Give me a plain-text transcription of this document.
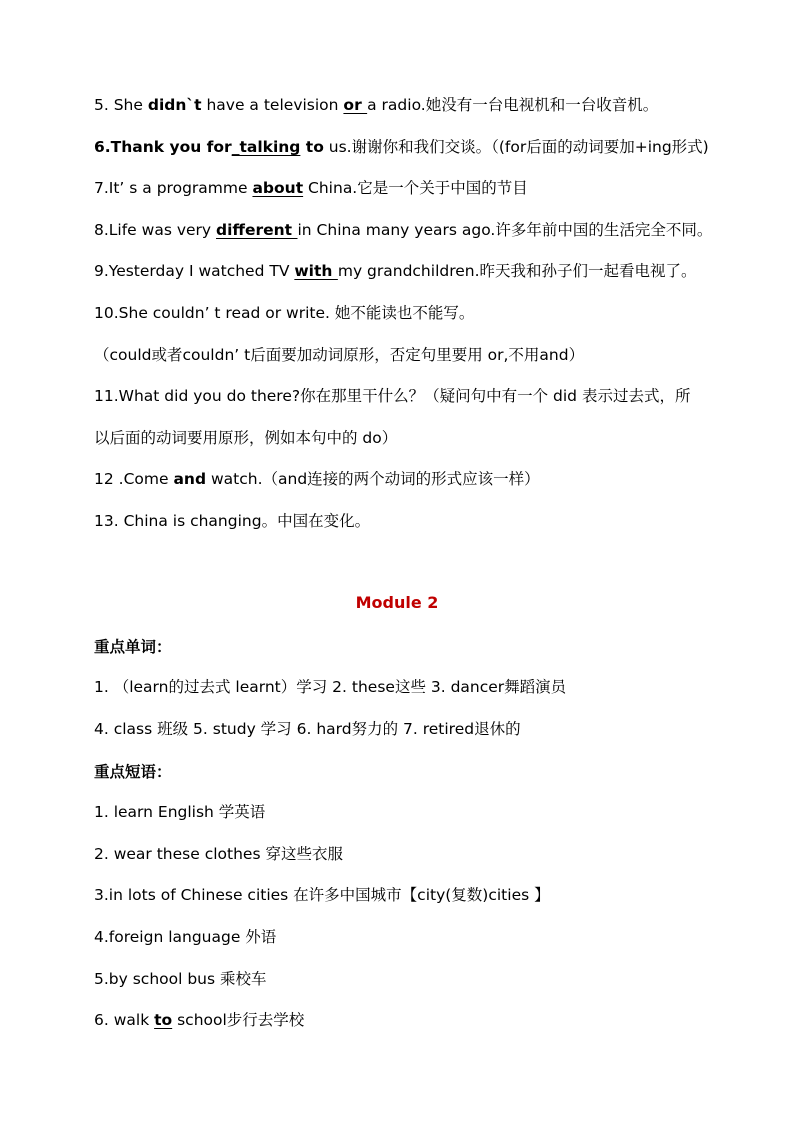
5. She didn`t have a television or a radio.她没有一台电视机和一台收音机。
6.Thank you for_talking to us.谢谢你和我们交谈。（(for后面的动词要加+ing形式)
7.It’ s a programme about China.它是一个关于中国的节目
8.Life was very different in China many years ago.许多年前中国的生活完全不同。
9.Yesterday I watched TV with my grandchildren.昨天我和孙子们一起看电视了。
10.She couldn’ t read or write. 她不能读也不能写。
（could或者couldn’ t后面要加动词原形，否定句里要用 or,不用and）
11.What did you do there?你在那里干什么？（疑问句中有一个 did 表示过去式，所
以后面的动词要用原形，例如本句中的 do）
12 .Come and watch.（and连接的两个动词的形式应该一样）
13. China is changing。中国在变化。
Module 2
重点单词：
1. （learn的过去式 learnt）学习 2. these这些 3. dancer舞蹈演员
4. class 班级 5. study 学习 6. hard努力的 7. retired退休的
重点短语：
1. learn English 学英语
2. wear these clothes 穿这些衣服
3.in lots of Chinese cities 在许多中国城市【city(复数)cities 】
4.foreign language 外语
5.by school bus 乘校车
6. walk to school步行去学校
